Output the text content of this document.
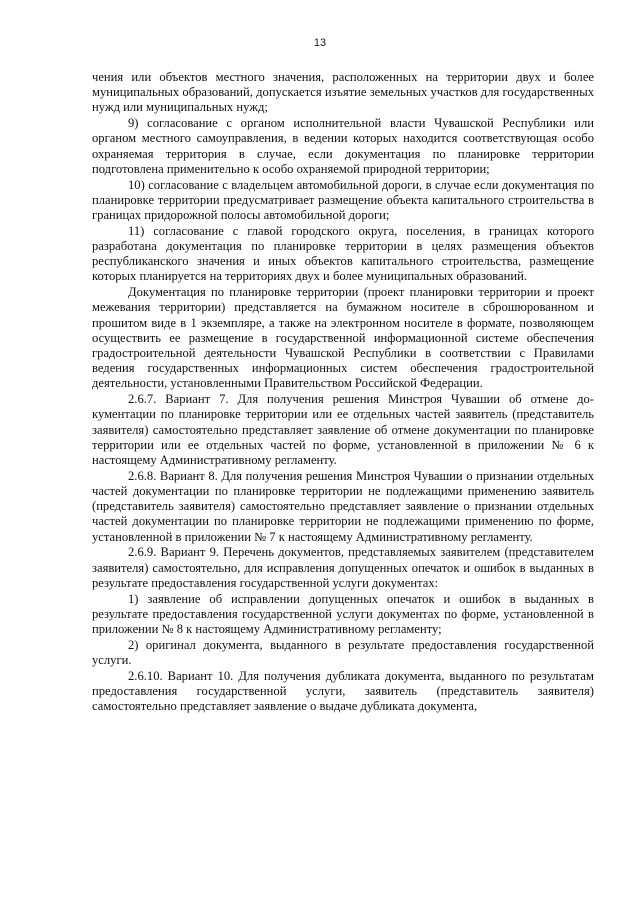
13

чения или объектов местного значения, расположенных на территории двух и более муниципальных образований, допускается изъятие земельных участков для государственных нужд или муниципальных нужд;

9) согласование с органом исполнительной власти Чувашской Республики или органом местного самоуправления, в ведении которых находится соответствующая особо охраняемая территория в случае, если документация по планировке территории подготовлена применительно к особо охраняемой природной территории;

10) согласование с владельцем автомобильной дороги, в случае если документация по планировке территории предусматривает размещение объекта капитального строительства в границах придорожной полосы автомобильной дороги;

11) согласование с главой городского округа, поселения, в границах которого разработана документация по планировке территории в целях размещения объектов республиканского значения и иных объектов капитального строительства, размещение которых планируется на территориях двух и более муниципальных образований.

Документация по планировке территории (проект планировки территории и проект межевания территории) представляется на бумажном носителе в сброшюрованном и прошитом виде в 1 экземпляре, а также на электронном носителе в формате, позволяющем осуществить ее размещение в государственной информационной системе обеспечения градостроительной деятельности Чувашской Республики в соответствии с Правилами ведения государственных информационных систем обеспечения градостроительной деятельности, установленными Правительством Российской Федерации.

2.6.7. Вариант 7. Для получения решения Минстроя Чувашии об отмене документации по планировке территории или ее отдельных частей заявитель (представитель заявителя) самостоятельно представляет заявление об отмене документации по планировке территории или ее отдельных частей по форме, установленной в приложении № 6 к настоящему Административному регламенту.

2.6.8. Вариант 8. Для получения решения Минстроя Чувашии о признании отдельных частей документации по планировке территории не подлежащими применению заявитель (представитель заявителя) самостоятельно представляет заявление о признании отдельных частей документации по планировке территории не подлежащими применению по форме, установленной в приложении № 7 к настоящему Административному регламенту.

2.6.9. Вариант 9. Перечень документов, представляемых заявителем (представителем заявителя) самостоятельно, для исправления допущенных опечаток и ошибок в выданных в результате предоставления государственной услуги документах:

1) заявление об исправлении допущенных опечаток и ошибок в выданных в результате предоставления государственной услуги документах по форме, установленной в приложении № 8 к настоящему Административному регламенту;

2) оригинал документа, выданного в результате предоставления государственной услуги.

2.6.10. Вариант 10. Для получения дубликата документа, выданного по результатам предоставления государственной услуги, заявитель (представитель заявителя) самостоятельно представляет заявление о выдаче дубликата документа,
